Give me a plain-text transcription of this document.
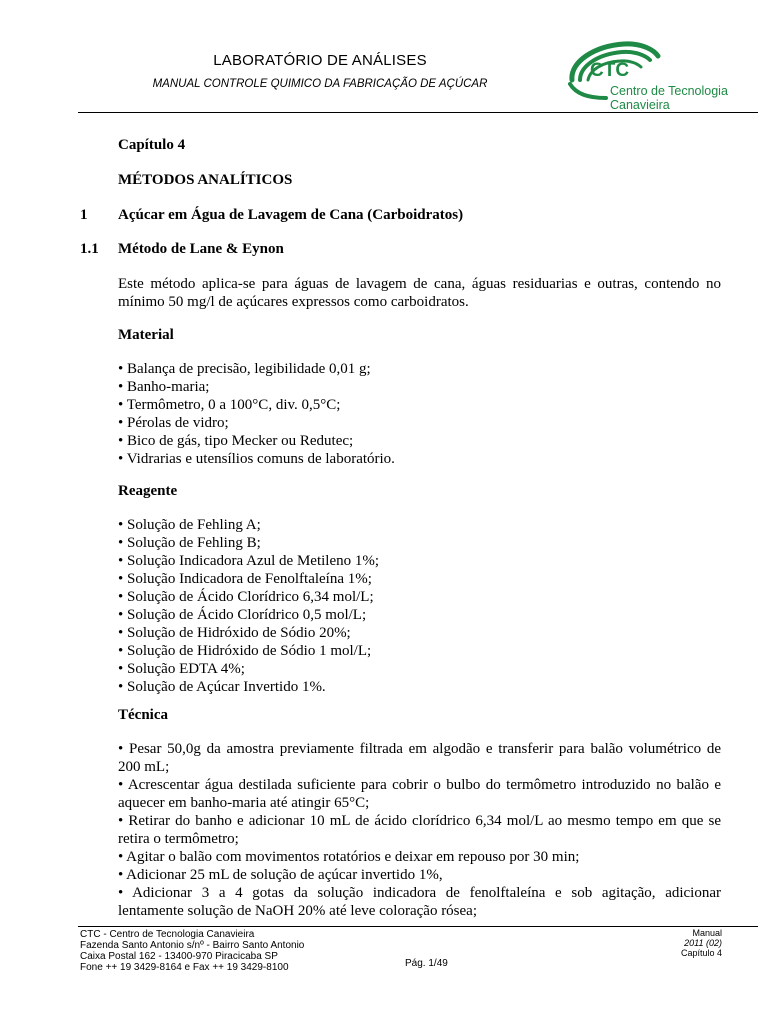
LABORATÓRIO DE ANÁLISES
MANUAL CONTROLE QUIMICO DA FABRICAÇÃO DE AÇÚCAR
CTC
Centro de Tecnologia
Canavieira
Capítulo 4
MÉTODOS ANALÍTICOS
1 Açúcar em Água de Lavagem de Cana (Carboidratos)
1.1 Método de Lane & Eynon
Este método aplica-se para águas de lavagem de cana, águas residuarias e outras, contendo no
mínimo 50 mg/l de açúcares expressos como carboidratos.
Material
• Balança de precisão, legibilidade 0,01 g;
• Banho-maria;
• Termômetro, 0 a 100°C, div. 0,5°C;
• Pérolas de vidro;
• Bico de gás, tipo Mecker ou Redutec;
• Vidrarias e utensílios comuns de laboratório.
Reagente
• Solução de Fehling A;
• Solução de Fehling B;
• Solução Indicadora Azul de Metileno 1%;
• Solução Indicadora de Fenolftaleína 1%;
• Solução de Ácido Clorídrico 6,34 mol/L;
• Solução de Ácido Clorídrico 0,5 mol/L;
• Solução de Hidróxido de Sódio 20%;
• Solução de Hidróxido de Sódio 1 mol/L;
• Solução EDTA 4%;
• Solução de Açúcar Invertido 1%.
Técnica
• Pesar 50,0g da amostra previamente filtrada em algodão e transferir para balão volumétrico de
200 mL;
• Acrescentar água destilada suficiente para cobrir o bulbo do termômetro introduzido no balão e
aquecer em banho-maria até atingir 65°C;
• Retirar do banho e adicionar 10 mL de ácido clorídrico 6,34 mol/L ao mesmo tempo em que se
retira o termômetro;
• Agitar o balão com movimentos rotatórios e deixar em repouso por 30 min;
• Adicionar 25 mL de solução de açúcar invertido 1%,
• Adicionar 3 a 4 gotas da solução indicadora de fenolftaleína e sob agitação, adicionar
lentamente solução de NaOH 20% até leve coloração rósea;
CTC - Centro de Tecnologia Canavieira
Fazenda Santo Antonio s/nº - Bairro Santo Antonio
Caixa Postal 162 - 13400-970 Piracicaba SP
Fone ++ 19 3429-8164 e Fax ++ 19 3429-8100	Pág. 1/49
Manual
2011 (02)
Capítulo 4
